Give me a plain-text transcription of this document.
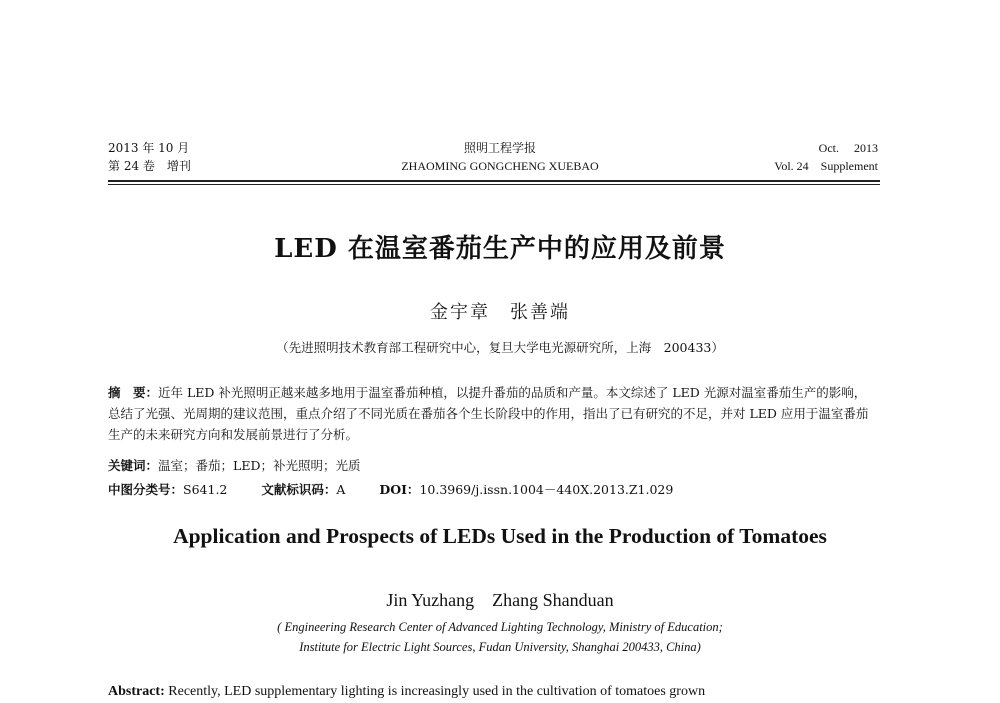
2013 年 10 月
第 24 卷　增刊
照明工程学报
ZHAOMING GONGCHENG XUEBAO
Oct.　 2013
Vol. 24　Supplement
LED 在温室番茄生产中的应用及前景
金宇章　张善端
（先进照明技术教育部工程研究中心，复旦大学电光源研究所，上海　200433）
摘　要：近年 LED 补光照明正越来越多地用于温室番茄种植，以提升番茄的品质和产量。本文综述了 LED 光源对温室番茄生产的影响，总结了光强、光周期的建议范围，重点介绍了不同光质在番茄各个生长阶段中的作用，指出了已有研究的不足，并对 LED 应用于温室番茄生产的未来研究方向和发展前景进行了分析。
关键词：温室；番茄；LED；补光照明；光质
中图分类号：S641.2	文献标识码：A	DOI：10.3969/j.issn.1004－440X.2013.Z1.029
Application and Prospects of LEDs Used in the Production of Tomatoes
Jin Yuzhang　Zhang Shanduan
( Engineering Research Center of Advanced Lighting Technology, Ministry of Education;
Institute for Electric Light Sources, Fudan University, Shanghai 200433, China)
Abstract: Recently, LED supplementary lighting is increasingly used in the cultivation of tomatoes grown
